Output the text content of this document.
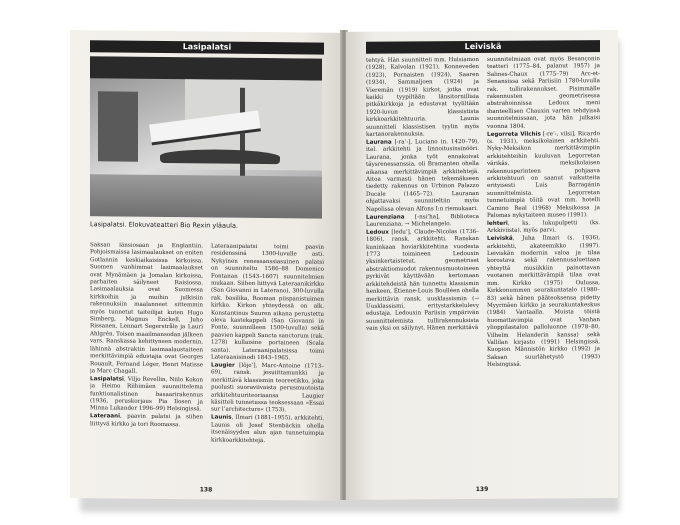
Lasipalatsi
Lasipalatsi. Elokuvateatteri Bio Rexin yläaula.

Saksan länsiosaan ja Englantiin. Pohjoismaissa lasimaalaukset on eniten Gotlannin keskiaikaisissa kirkoissa. Suomen vanhimmat lasimaalaukset ovat Mynämäen ja Jomalan kirkoissa, parhaiten säilyneet Raisiossa. Lasimaalauksia ovat Suomessa kirkkoihin ja muihin julkisiin rakennuksiin maalanneet sittemmin myös tunnetut taiteilijat kuten Hugo Simberg, Magnus Enckell, Juho Rissanen, Lennart Segerstråle ja Lauri Ahlgrén. Toisen maailmansodan jälkeen vars. Ranskassa kehittyneen modernin, lähinnä abstraktin lasimaalaustaiteen merkittävimpiä edustajia ovat Georges Rouault, Fernand Léger, Henri Matisse ja Marc Chagall.

Lasipalatsi, Viljo Revellin, Niilo Kokon ja Heimo Riihimäen suunnittelema funktionalistinen basaarirakennus (1936, peruskorjaus Pia Ilosen ja Minna Lukander 1996–99) Helsingissä.

Lateraani, paavin palatsi ja siihen liittyvä kirkko ja tori Roomassa.

Lateraanipalatsi toimi paavin residenssinä 1300-luvulle asti. Nykyinen renessanssiasuinen palatsi on suunniteltu 1586–88 Domenico Fontanan (1543–1607) suunnitelmien mukaan. Siihen liittyvä Lateraanikirkko (San Giovanni in Laterano), 300-luvulla rak. basilika, Rooman piispanistuimen kirkko. Kirkon yhteydessä on alk. Konstantinus Suuren aikana perustettu oleva kastekappeli (San Giovanni in Fonte, suunnilleen 1500-luvulla) sekä paavien kappeli Sancta sanctorum (rak. 1278) kullaisine portaineen (Scala santa). Lateraanipalatsissa toimi Lateraanisinodi 1843–1965.

Laugier [lõje’], Marc-Antoine (1713–69), ransk. jesuiittamunkki ja merkittävä klassismin teoreetikko, joka puolusti suoraviivaista perusmuotoista arkkitehtuuriteoriaansa Laugier käsitteli tunnetussa teoksessaan »Essai sur l’architecture« (1753).

Launis, Ilmari (1881–1955), arkkitehti. Launis oli Josef Stenbäckin ohella itsenäisyyden alun ajan tunnetuimpia kirkkoarkkitehtejä.

138
Leiviskä

tehtyä. Hän suunnitteli mm. Hulsiamon (1928), Kalvolan (1921), Konneveden (1923), Pornaisten (1924), Saaren (1934), Sammaljoen (1924) ja Vieremän (1919) kirkot, jotka ovat kaikki tyypiltään länsitornillisia pitkäkirkkoja ja edustavat tyyliltään 1920-luvun klassistista kirkkoarkkitehtuuria. Launis suunnitteli klassistisen tyylin myös kartanorakennuksia.

Laurana [-ra’-], Luciano (n. 1420–79), ital. arkkitehti ja linnoitusinsinööri. Laurana, jonka työt ennakoivat täysrenessanssia, oli Bramanten ohella aikansa merkittävimpiä arkkitehtejä. Aitoa varmasti hänen tekemäkseen tiedetty rakennus on Urbinon Palazzo Ducale (1465–72). Lauranan ohjattavaksi suunniteltiin myös Napolissa olevan Alfons I:n riemukaari.

Laurenziana [-nsi’ha], Biblioteca Laurenziana, → Michelangelo.

Ledoux [ledu’], Claude-Nicolas (1736–1806), ransk. arkkitehti. Ranskan kuninkaan hoviarkkitehtina vuodesta 1773 toimineen Ledouxin yksinkertaistetut, geometriset abstraktiomuodot rakennusmuotoineen pyrkivät käyttävään kertomaan arkkitehdeistä hän tunnettu klassismin henkeen, Étienne-Louis Boulléen ohella merkittävin ransk. uusklassismin (→ Uusklassismi, eritystarkkelulevy edustaja. Ledouxin Pariisin ympärivän suunnittelemista tullirakennuksista vain yksi on säilynyt. Hänen merkittävä

suunnitelmiaan ovat myös Besançonin teatteri (1775–84, palanut 1957) ja Salines-Chaux (1775–79) Arc-et-Senansissa sekä Pariisiin 1780-luvulla rak. tullirakennukset. Pisimmälle rakennusten geometrisessa abstrahoinnissa Ledoux meni ihanteellisen Chauxin varten tehdyissä suunnitelmissaan, jota hän julkaisi vuonna 1804.

Legorreta Vilchis [-re’-, vilsi], Ricardo (s. 1931), meksikolainen arkkitehti. Nyky-Meksikon merkittävimpiin arkkitehteihin kuuluvan Legorretan värikäs, meksikolaisen rakennusperinteen pohjaava arkkitehtuuri on saanut vaikutteita erityisesti Luis Barragánin suunnittelmista. Legorretan tunnetuimpia töitä ovat mm. hotelli Camino Real (1968) Meksikossa ja Palomas nykytaiteen museo (1991).

lehteri, ks. lukupulpetti (ks. Arkkiviista), myös parvi.

Leiviskä, Juha Ilmari (s. 1936), arkkitehti, akateemikko (1997). Leiviskän modernin valoa ja tilaa korostava sekä rakennusaluettaan yhteyttä musiikkiin painottavan vuotanen merkittävämpiä tilaa ovat mm. Kirkko (1975) Oulussa, Kirkkonummen seurakuntatalo (1980–83) sekä hänen pääteoksensa pidetty Myyrmäen kirkko ja seurakuntakeskus (1984) Vantaalla. Muista töistä huomattavimpia ovat Vanhan ylioppilastalon palloluonne (1978–80, Vilhelm Helanderin kanssa) sekä Vallilan kirjasto (1991) Helsingissä, Kuopion Männistön kirkko (1992) ja Saksan suurlähetystö (1993) Helsingissä.

139
